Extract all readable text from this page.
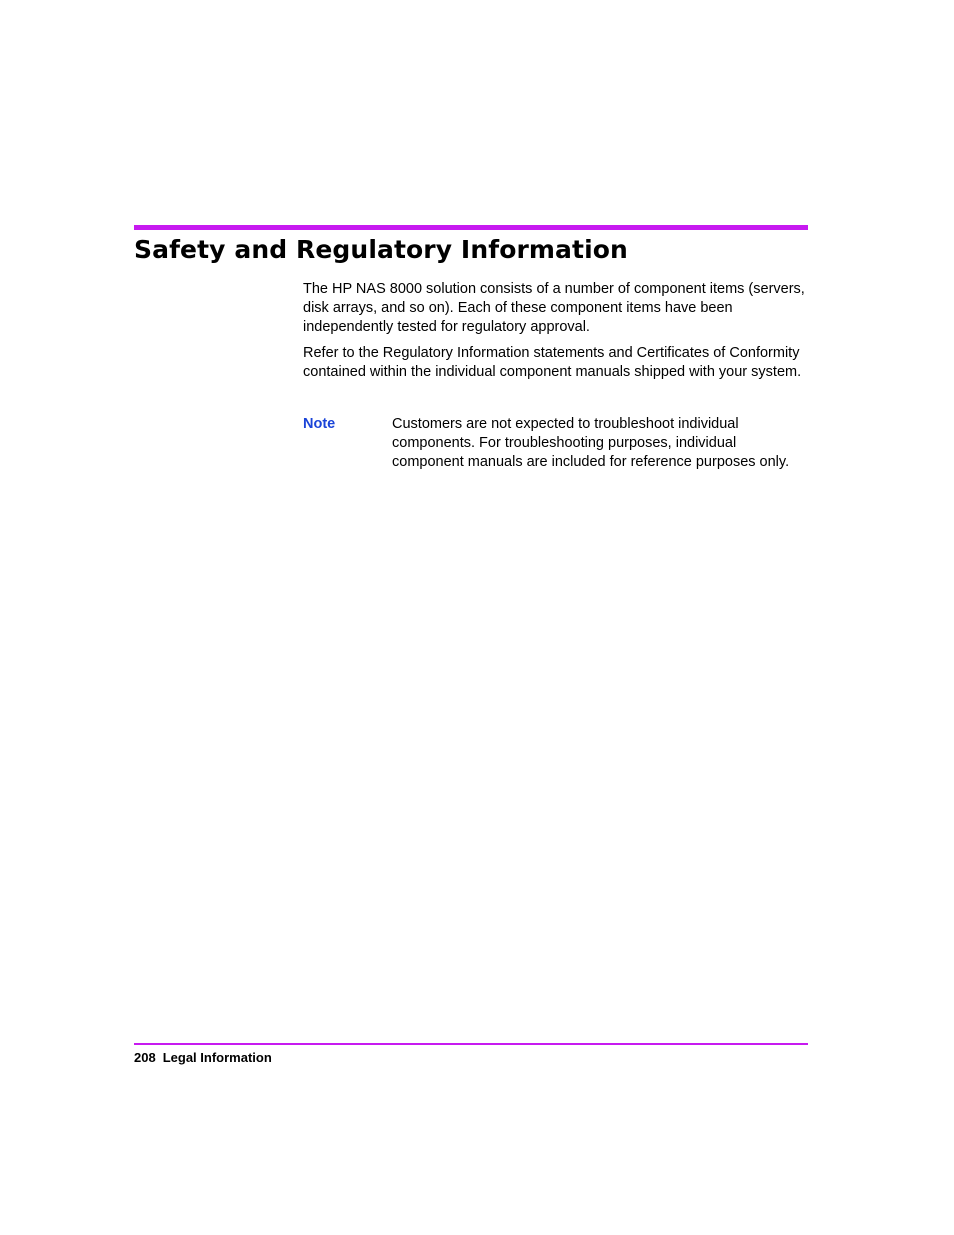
Safety and Regulatory Information

The HP NAS 8000 solution consists of a number of component items (servers, disk arrays, and so on). Each of these component items have been independently tested for regulatory approval.

Refer to the Regulatory Information statements and Certificates of Conformity contained within the individual component manuals shipped with your system.

Note	Customers are not expected to troubleshoot individual components. For troubleshooting purposes, individual component manuals are included for reference purposes only.

208 Legal Information
